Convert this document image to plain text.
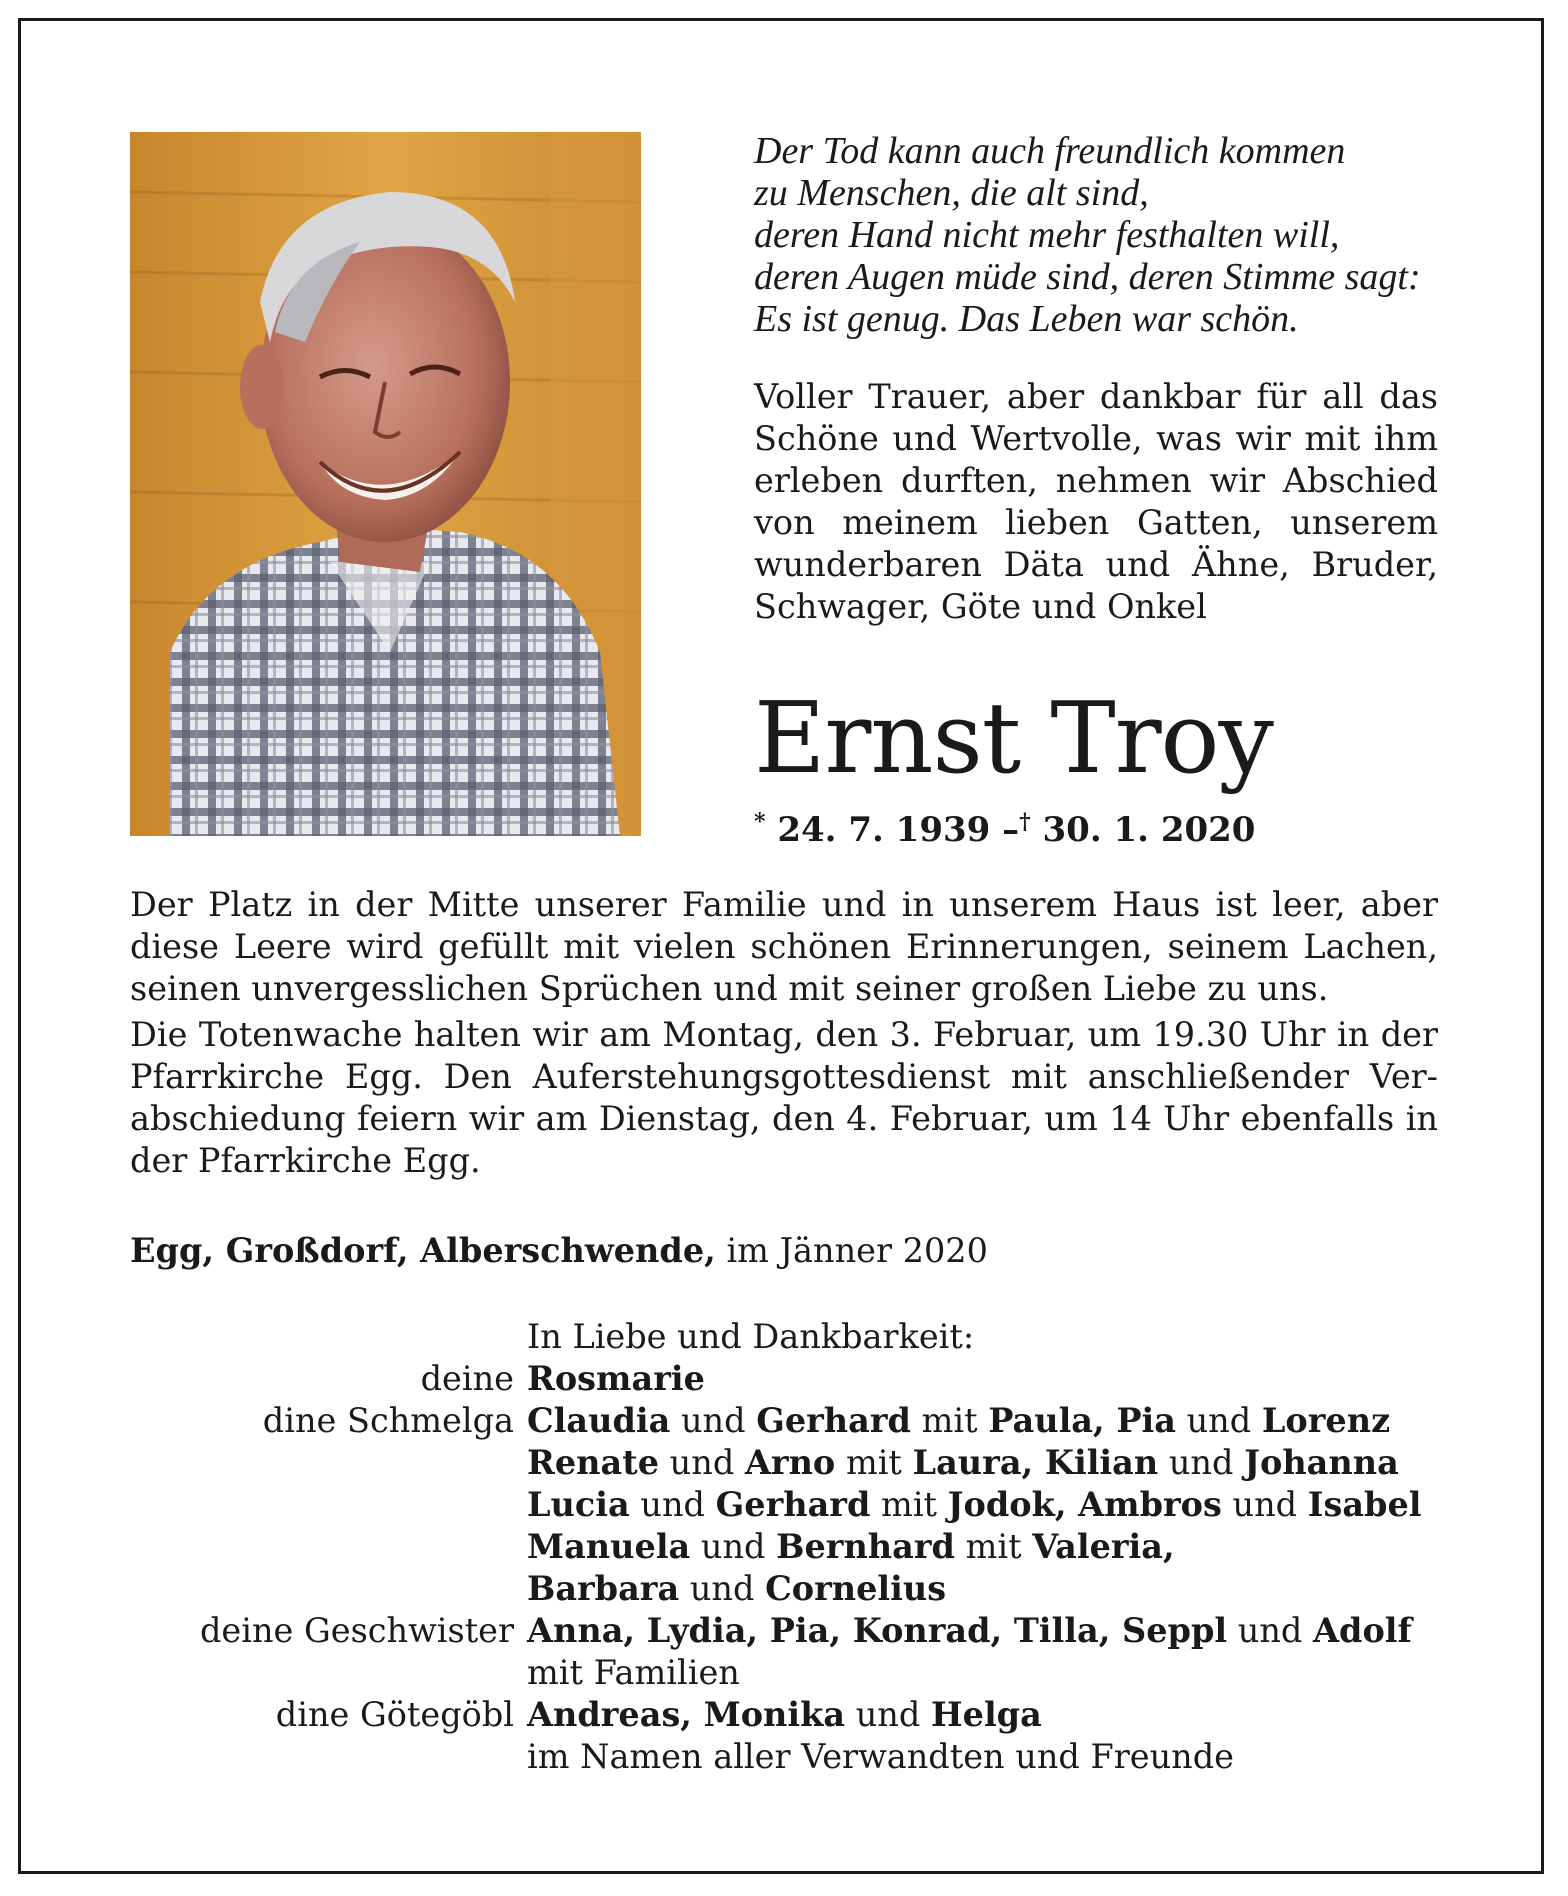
Der Tod kann auch freundlich kommen
zu Menschen, die alt sind,
deren Hand nicht mehr festhalten will,
deren Augen müde sind, deren Stimme sagt:
Es ist genug. Das Leben war schön.
Voller Trauer, aber dankbar für all das
Schöne und Wertvolle, was wir mit ihm
erleben durften, nehmen wir Abschied
von meinem lieben Gatten, unserem
wunderbaren Däta und Ähne, Bruder,
Schwager, Göte und Onkel
Ernst Troy
* 24. 7. 1939 –† 30. 1. 2020
Der Platz in der Mitte unserer Familie und in unserem Haus ist leer, aber
diese Leere wird gefüllt mit vielen schönen Erinnerungen, seinem Lachen,
seinen unvergesslichen Sprüchen und mit seiner großen Liebe zu uns.
Die Totenwache halten wir am Montag, den 3. Februar, um 19.30 Uhr in der
Pfarrkirche Egg. Den Auferstehungsgottesdienst mit anschließender Ver-
abschiedung feiern wir am Dienstag, den 4. Februar, um 14 Uhr ebenfalls in
der Pfarrkirche Egg.
Egg, Großdorf, Alberschwende, im Jänner 2020
In Liebe und Dankbarkeit:
deine Rosmarie
dine Schmelga Claudia und Gerhard mit Paula, Pia und Lorenz
Renate und Arno mit Laura, Kilian und Johanna
Lucia und Gerhard mit Jodok, Ambros und Isabel
Manuela und Bernhard mit Valeria,
Barbara und Cornelius
deine Geschwister Anna, Lydia, Pia, Konrad, Tilla, Seppl und Adolf
mit Familien
dine Götegöbl Andreas, Monika und Helga
im Namen aller Verwandten und Freunde
